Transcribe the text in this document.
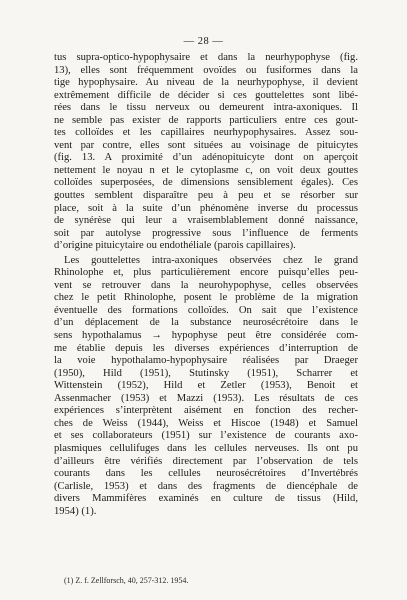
— 28 —
tus supra-optico-hypophysaire et dans la neurhypophyse (fig.
13), elles sont fréquemment ovoïdes ou fusiformes dans la
tige hypophysaire. Au niveau de la neurhypophyse, il devient
extrêmement difficile de décider si ces gouttelettes sont libé-
rées dans le tissu nerveux ou demeurent intra-axoniques. Il
ne semble pas exister de rapports particuliers entre ces gout-
tes colloïdes et les capillaires neurhypophysaires. Assez sou-
vent par contre, elles sont situées au voisinage de pituicytes
(fig. 13. A proximité d’un adénopituicyte dont on aperçoit
nettement le noyau n et le cytoplasme c, on voit deux gouttes
colloïdes superposées, de dimensions sensiblement égales). Ces
gouttes semblent disparaître peu à peu et se résorber sur
place, soit à la suite d’un phénomène inverse du processus
de synérèse qui leur a vraisemblablement donné naissance,
soit par autolyse progressive sous l’influence de ferments
d’origine pituicytaire ou endothéliale (parois capillaires).
Les gouttelettes intra-axoniques observées chez le grand
Rhinolophe et, plus particulièrement encore puisqu’elles peu-
vent se retrouver dans la neurohypophyse, celles observées
chez le petit Rhinolophe, posent le problème de la migration
éventuelle des formations colloïdes. On sait que l’existence
d’un déplacement de la substance neurosécrétoire dans le
sens hypothalamus → hypophyse peut être considérée com-
me établie depuis les diverses expériences d’interruption de
la voie hypothalamo-hypophysaire réalisées par Draeger
(1950), Hild (1951), Stutinsky (1951), Scharrer et
Wittenstein (1952), Hild et Zetler (1953), Benoit et
Assenmacher (1953) et Mazzi (1953). Les résultats de ces
expériences s’interprètent aisément en fonction des recher-
ches de Weiss (1944), Weiss et Hiscoe (1948) et Samuel
et ses collaborateurs (1951) sur l’existence de courants axo-
plasmiques cellulifuges dans les cellules nerveuses. Ils ont pu
d’ailleurs être vérifiés directement par l’observation de tels
courants dans les cellules neurosécrétoires d’Invertébrés
(Carlisle, 1953) et dans des fragments de diencéphale de
divers Mammifères examinés en culture de tissus (Hild,
1954) (1).
(1) Z. f. Zellforsch, 40, 257-312. 1954.
